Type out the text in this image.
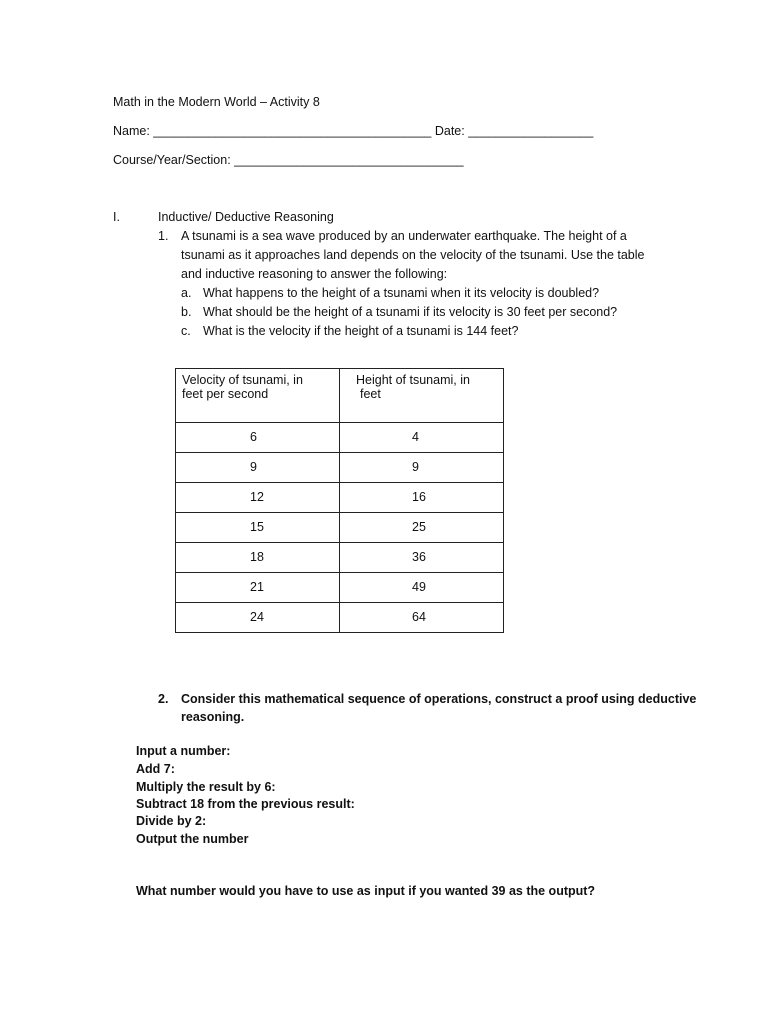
Math in the Modern World – Activity 8
Name: ________________________________________ Date: __________________
Course/Year/Section: _________________________________
I.	Inductive/ Deductive Reasoning
1. A tsunami is a sea wave produced by an underwater earthquake. The height of a
tsunami as it approaches land depends on the velocity of the tsunami. Use the table
and inductive reasoning to answer the following:
a. What happens to the height of a tsunami when it its velocity is doubled?
b. What should be the height of a tsunami if its velocity is 30 feet per second?
c. What is the velocity if the height of a tsunami is 144 feet?
Velocity of tsunami, in
feet per second	Height of tsunami, in
feet

6	4
9	9
12	16
15	25
18	36
21	49
24	64
2. Consider this mathematical sequence of operations, construct a proof using deductive
reasoning.
Input a number:
Add 7:
Multiply the result by 6:
Subtract 18 from the previous result:
Divide by 2:
Output the number
What number would you have to use as input if you wanted 39 as the output?
